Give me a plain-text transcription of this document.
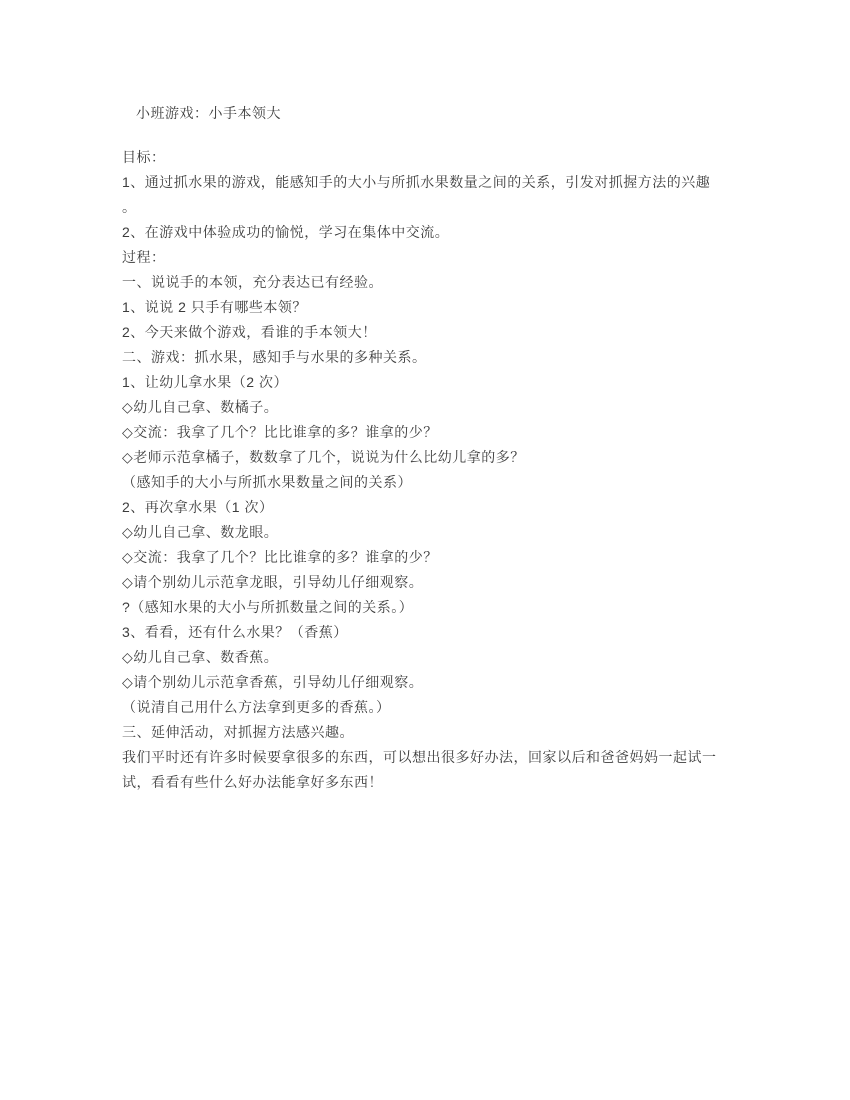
小班游戏：小手本领大
目标：
1、通过抓水果的游戏，能感知手的大小与所抓水果数量之间的关系，引发对抓握方法的兴趣
。
2、在游戏中体验成功的愉悦，学习在集体中交流。
过程：
一、说说手的本领，充分表达已有经验。
1、说说 2 只手有哪些本领？
2、今天来做个游戏，看谁的手本领大！
二、游戏：抓水果，感知手与水果的多种关系。
1、让幼儿拿水果（2 次）
◇幼儿自己拿、数橘子。
◇交流：我拿了几个？比比谁拿的多？谁拿的少？
◇老师示范拿橘子，数数拿了几个，说说为什么比幼儿拿的多？
（感知手的大小与所抓水果数量之间的关系）
2、再次拿水果（1 次）
◇幼儿自己拿、数龙眼。
◇交流：我拿了几个？比比谁拿的多？谁拿的少？
◇请个别幼儿示范拿龙眼，引导幼儿仔细观察。
?（感知水果的大小与所抓数量之间的关系。）
3、看看，还有什么水果？（香蕉）
◇幼儿自己拿、数香蕉。
◇请个别幼儿示范拿香蕉，引导幼儿仔细观察。
（说清自己用什么方法拿到更多的香蕉。）
三、延伸活动，对抓握方法感兴趣。
我们平时还有许多时候要拿很多的东西，可以想出很多好办法，回家以后和爸爸妈妈一起试一
试，看看有些什么好办法能拿好多东西！
